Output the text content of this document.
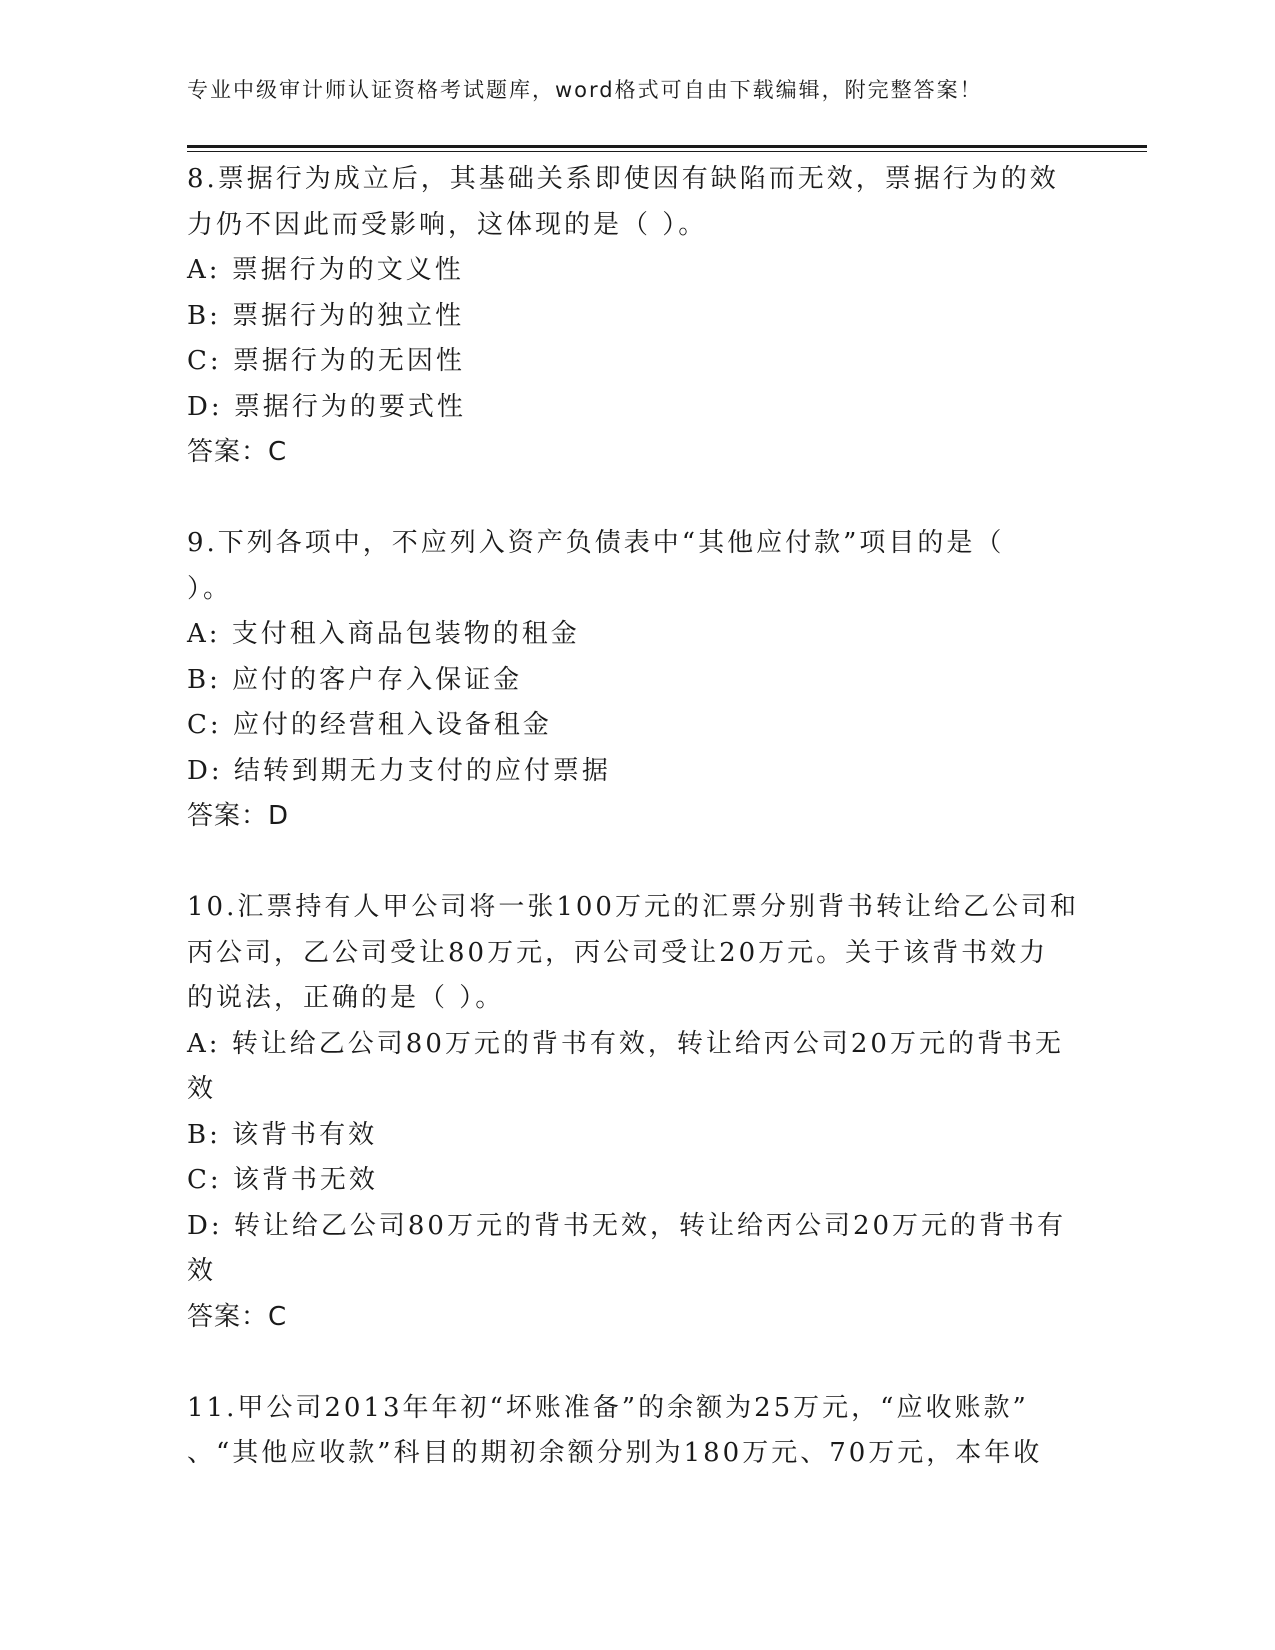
专业中级审计师认证资格考试题库，word格式可自由下载编辑，附完整答案！
8.票据行为成立后，其基础关系即使因有缺陷而无效，票据行为的效
力仍不因此而受影响，这体现的是（ ）。
A: 票据行为的文义性
B: 票据行为的独立性
C: 票据行为的无因性
D: 票据行为的要式性
答案：C
9.下列各项中，不应列入资产负债表中“其他应付款”项目的是（
）。
A: 支付租入商品包装物的租金
B: 应付的客户存入保证金
C: 应付的经营租入设备租金
D: 结转到期无力支付的应付票据
答案：D
10.汇票持有人甲公司将一张100万元的汇票分别背书转让给乙公司和
丙公司，乙公司受让80万元，丙公司受让20万元。关于该背书效力
的说法，正确的是（ ）。
A: 转让给乙公司80万元的背书有效，转让给丙公司20万元的背书无
效
B: 该背书有效
C: 该背书无效
D: 转让给乙公司80万元的背书无效，转让给丙公司20万元的背书有
效
答案：C
11.甲公司2013年年初“坏账准备”的余额为25万元，“应收账款”
、“其他应收款”科目的期初余额分别为180万元、70万元，本年收
